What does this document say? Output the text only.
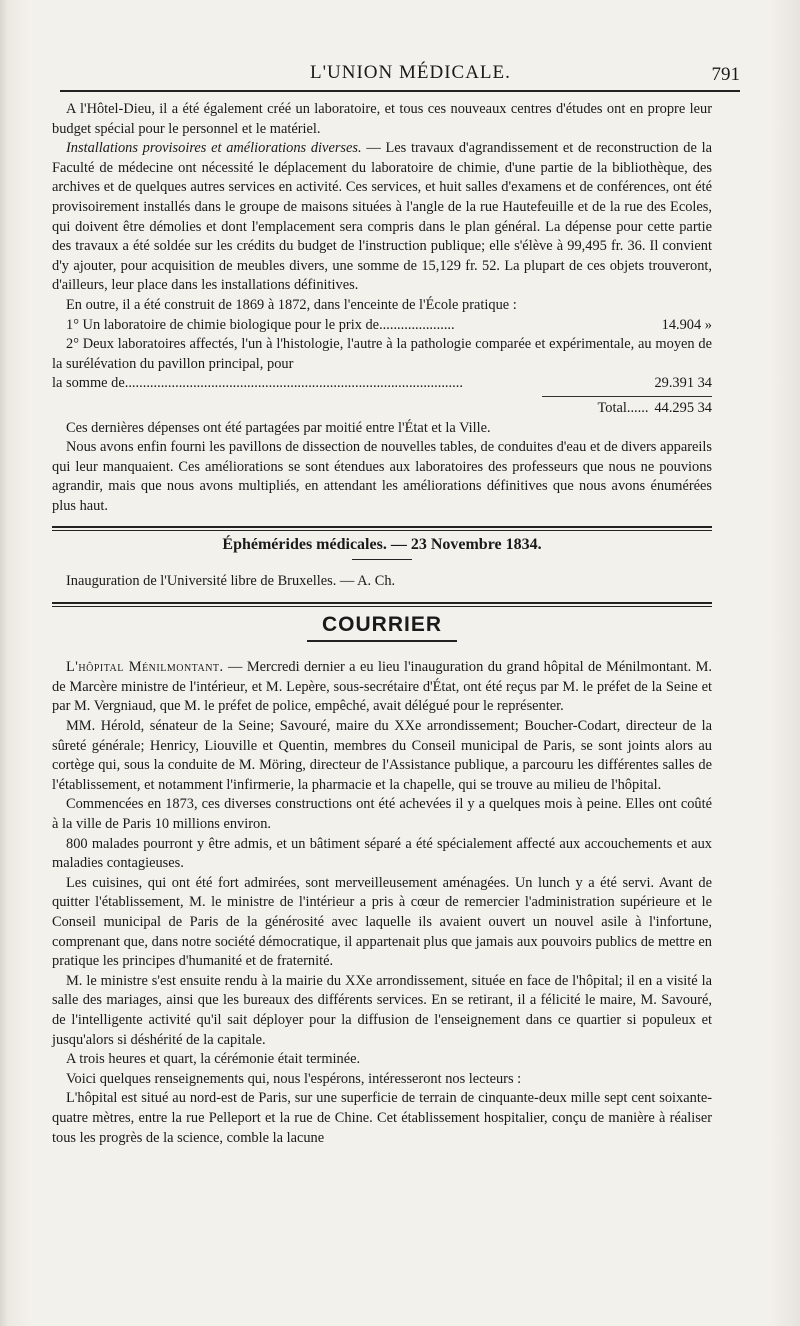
L'UNION MÉDICALE.	791

A l'Hôtel-Dieu, il a été également créé un laboratoire, et tous ces nouveaux centres d'études ont en propre leur budget spécial pour le personnel et le matériel.

Installations provisoires et améliorations diverses. — Les travaux d'agrandissement et de reconstruction de la Faculté de médecine ont nécessité le déplacement du laboratoire de chimie, d'une partie de la bibliothèque, des archives et de quelques autres services en activité. Ces services, et huit salles d'examens et de conférences, ont été provisoirement installés dans le groupe de maisons situées à l'angle de la rue Hautefeuille et de la rue des Ecoles, qui doivent être démolies et dont l'emplacement sera compris dans le plan général. La dépense pour cette partie des travaux a été soldée sur les crédits du budget de l'instruction publique; elle s'élève à 99,495 fr. 36. Il convient d'y ajouter, pour acquisition de meubles divers, une somme de 15,129 fr. 52. La plupart de ces objets trouveront, d'ailleurs, leur place dans les installations définitives.

En outre, il a été construit de 1869 à 1872, dans l'enceinte de l'École pratique :

1° Un laboratoire de chimie biologique pour le prix de.....................	14.904 »

2° Deux laboratoires affectés, l'un à l'histologie, l'autre à la pathologie comparée et expérimentale, au moyen de la surélévation du pavillon principal, pour

la somme de..............................................................................................	29.391 34
Total...... 44.295 34

Ces dernières dépenses ont été partagées par moitié entre l'État et la Ville.

Nous avons enfin fourni les pavillons de dissection de nouvelles tables, de conduites d'eau et de divers appareils qui leur manquaient. Ces améliorations se sont étendues aux laboratoires des professeurs que nous ne pouvions agrandir, mais que nous avons multipliés, en attendant les améliorations définitives que nous avons énumérées plus haut.

Éphémérides médicales. — 23 Novembre 1834.

Inauguration de l'Université libre de Bruxelles. — A. Ch.

COURRIER

L'hôpital Ménilmontant. — Mercredi dernier a eu lieu l'inauguration du grand hôpital de Ménilmontant. M. de Marcère ministre de l'intérieur, et M. Lepère, sous-secrétaire d'État, ont été reçus par M. le préfet de la Seine et par M. Vergniaud, que M. le préfet de police, empêché, avait délégué pour le représenter.

MM. Hérold, sénateur de la Seine; Savouré, maire du XXe arrondissement; Boucher-Codart, directeur de la sûreté générale; Henricy, Liouville et Quentin, membres du Conseil municipal de Paris, se sont joints alors au cortège qui, sous la conduite de M. Möring, directeur de l'Assistance publique, a parcouru les différentes salles de l'établissement, et notamment l'infirmerie, la pharmacie et la chapelle, qui se trouve au milieu de l'hôpital.

Commencées en 1873, ces diverses constructions ont été achevées il y a quelques mois à peine. Elles ont coûté à la ville de Paris 10 millions environ.

800 malades pourront y être admis, et un bâtiment séparé a été spécialement affecté aux accouchements et aux maladies contagieuses.

Les cuisines, qui ont été fort admirées, sont merveilleusement aménagées. Un lunch y a été servi. Avant de quitter l'établissement, M. le ministre de l'intérieur a pris à cœur de remercier l'administration supérieure et le Conseil municipal de Paris de la générosité avec laquelle ils avaient ouvert un nouvel asile à l'infortune, comprenant que, dans notre société démocratique, il appartenait plus que jamais aux pouvoirs publics de mettre en pratique les principes d'humanité et de fraternité.

M. le ministre s'est ensuite rendu à la mairie du XXe arrondissement, située en face de l'hôpital; il en a visité la salle des mariages, ainsi que les bureaux des différents services. En se retirant, il a félicité le maire, M. Savouré, de l'intelligente activité qu'il sait déployer pour la diffusion de l'enseignement dans ce quartier si populeux et jusqu'alors si déshérité de la capitale.

A trois heures et quart, la cérémonie était terminée.

Voici quelques renseignements qui, nous l'espérons, intéresseront nos lecteurs :

L'hôpital est situé au nord-est de Paris, sur une superficie de terrain de cinquante-deux mille sept cent soixante-quatre mètres, entre la rue Pelleport et la rue de Chine. Cet établissement hospitalier, conçu de manière à réaliser tous les progrès de la science, comble la lacune
